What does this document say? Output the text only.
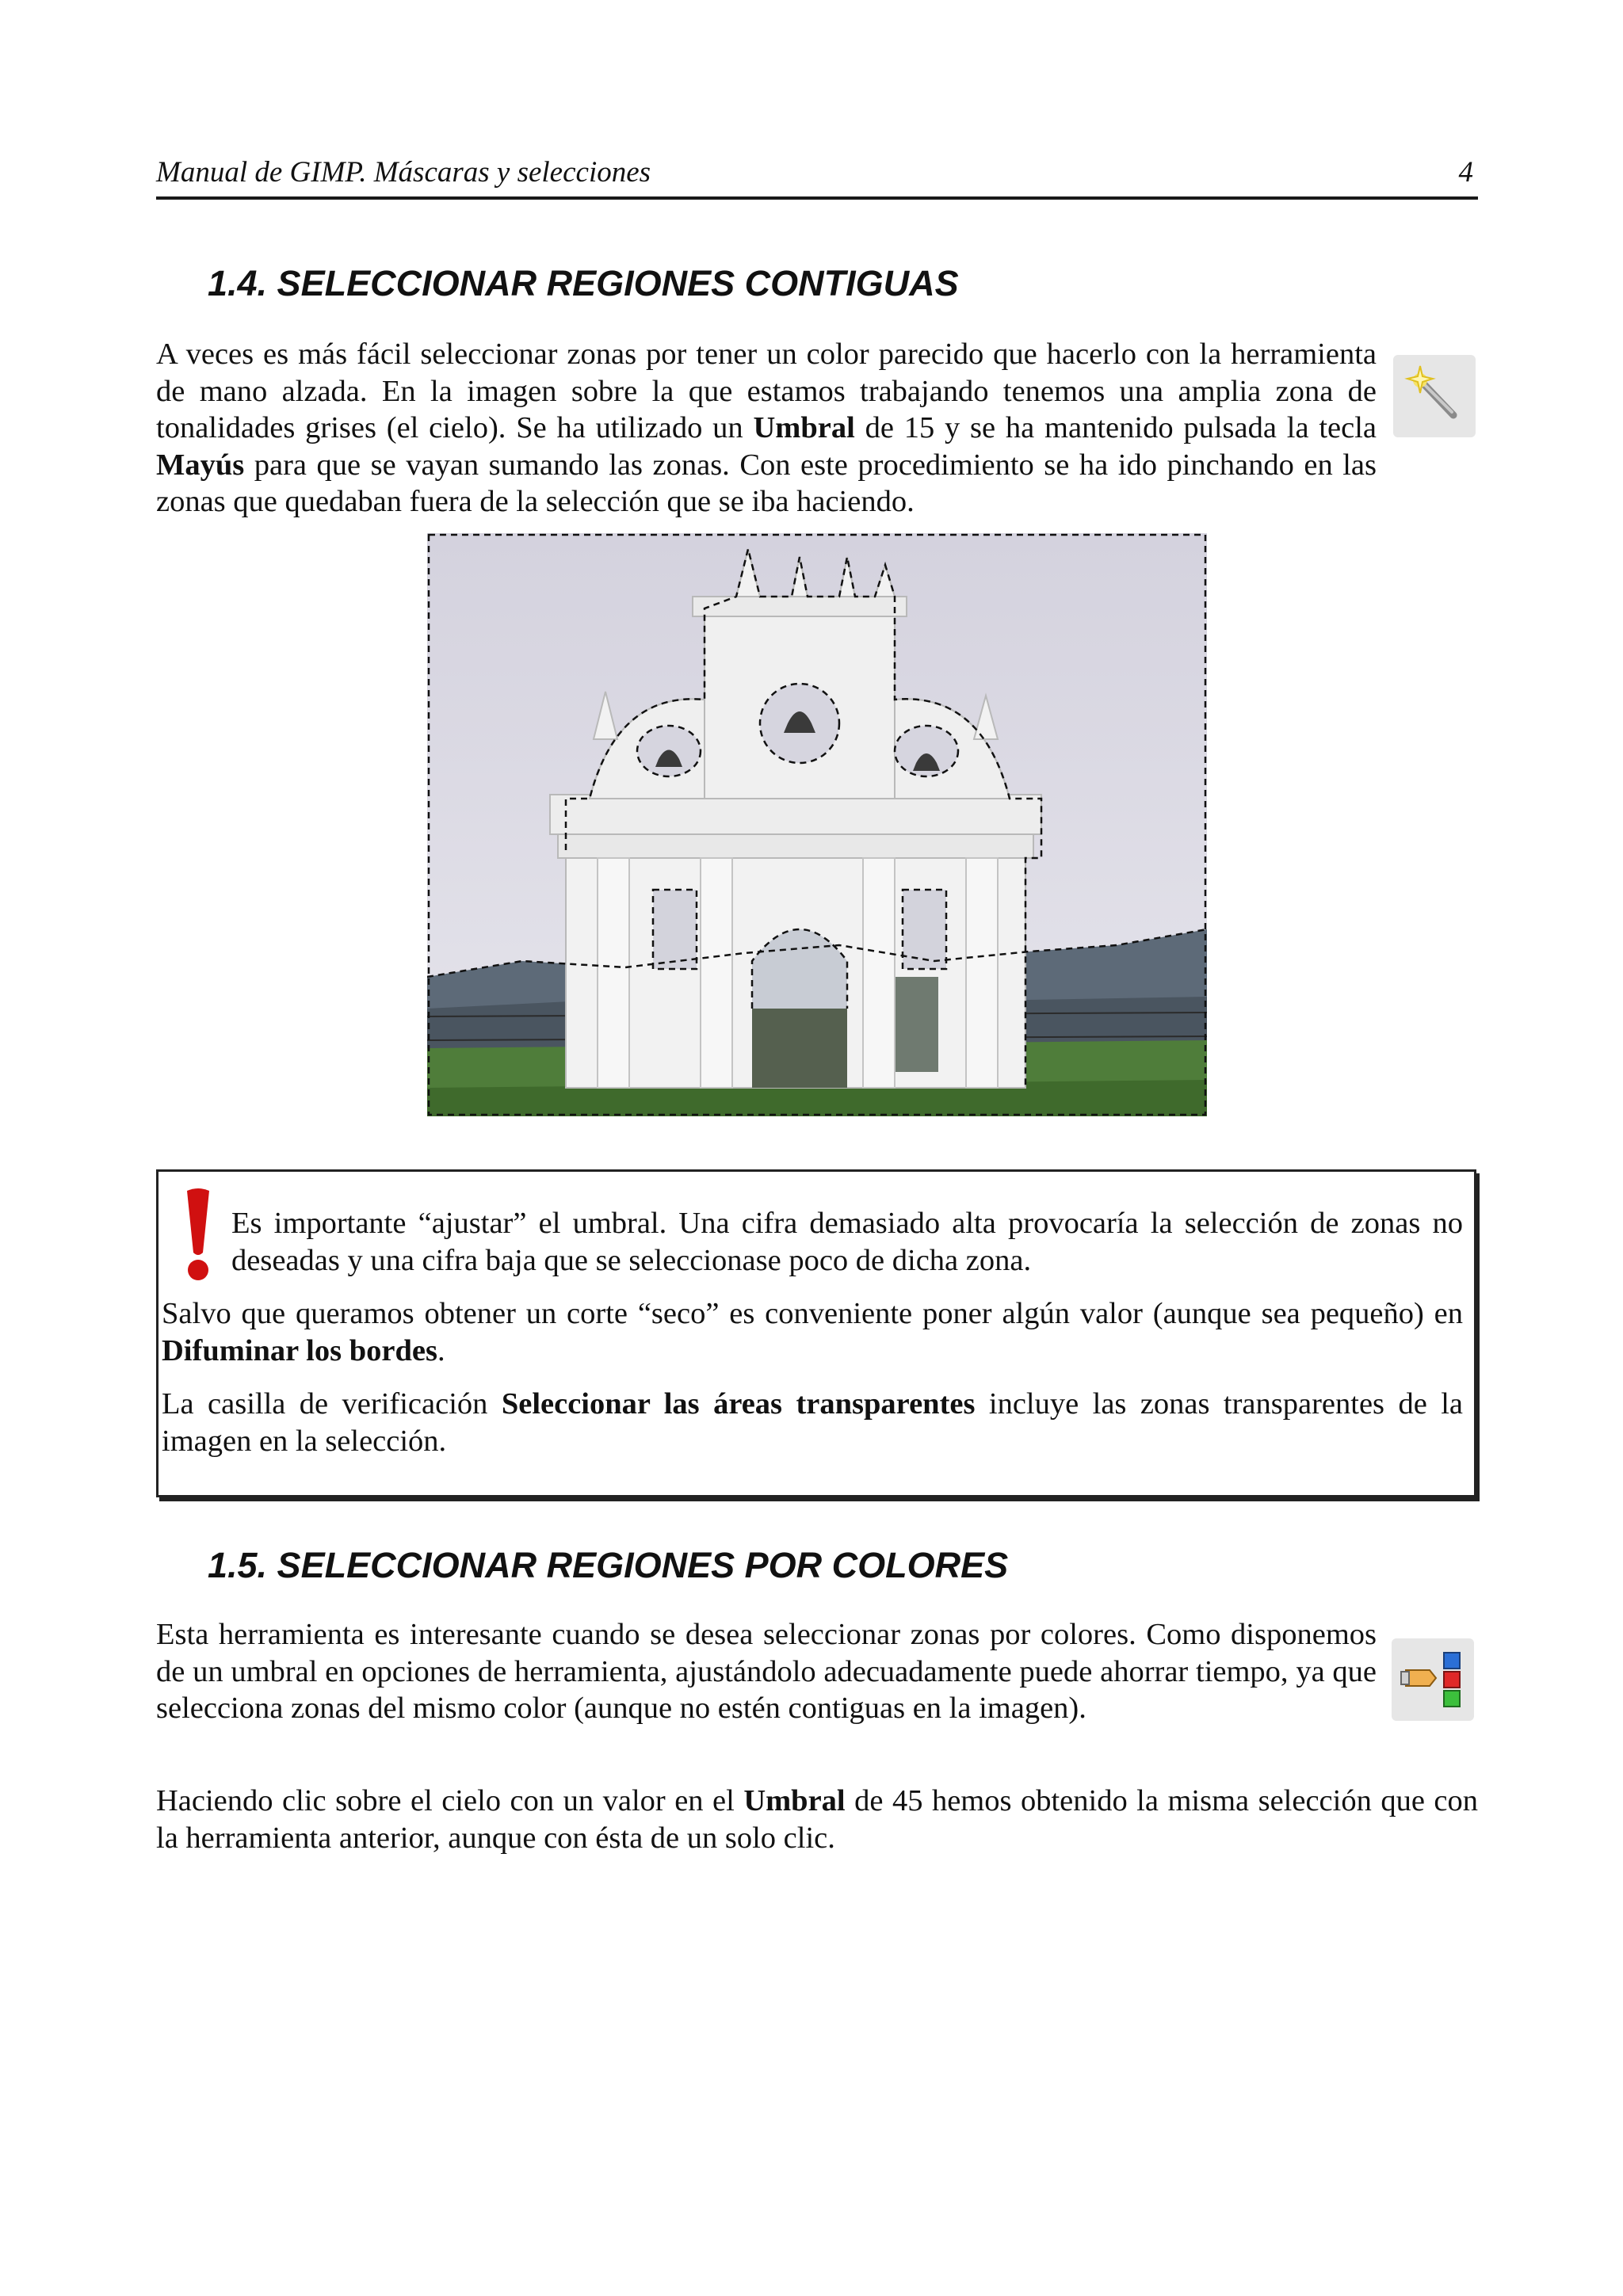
Manual de GIMP. Máscaras y selecciones	4
1.4. SELECCIONAR REGIONES CONTIGUAS

A veces es más fácil seleccionar zonas por tener un color parecido que hacerlo con la herramienta de mano alzada. En la imagen sobre la que estamos trabajando tenemos una amplia zona de tonalidades grises (el cielo). Se ha utilizado un Umbral de 15 y se ha mantenido pulsada la tecla Mayús para que se vayan sumando las zonas. Con este procedimiento se ha ido pinchando en las zonas que quedaban fuera de la selección que se iba haciendo.

Es importante “ajustar” el umbral. Una cifra demasiado alta provocaría la selección de zonas no deseadas y una cifra baja que se seleccionase poco de dicha zona.

Salvo que queramos obtener un corte “seco” es conveniente poner algún valor (aunque sea pequeño) en Difuminar los bordes.

La casilla de verificación Seleccionar las áreas transparentes incluye las zonas transparentes de la imagen en la selección.

1.5. SELECCIONAR REGIONES POR COLORES

Esta herramienta es interesante cuando se desea seleccionar zonas por colores. Como disponemos de un umbral en opciones de herramienta, ajustándolo adecuadamente puede ahorrar tiempo, ya que selecciona zonas del mismo color (aunque no estén contiguas en la imagen).

Haciendo clic sobre el cielo con un valor en el Umbral de 45 hemos obtenido la misma selección que con la herramienta anterior, aunque con ésta de un solo clic.
